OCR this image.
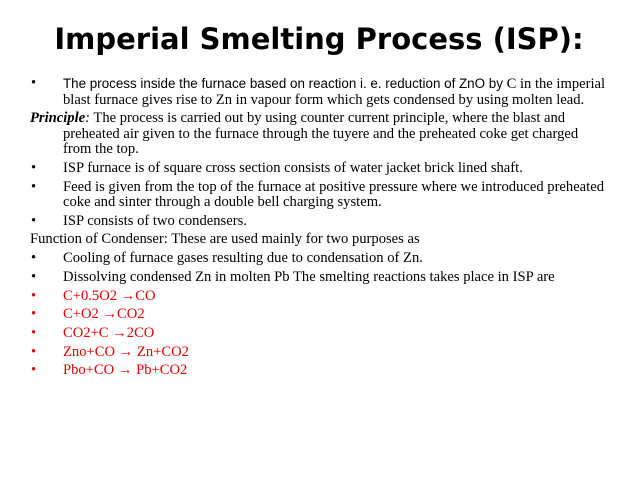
Imperial Smelting Process (ISP):
•	The process inside the furnace based on reaction i. e. reduction of ZnO by C in the imperial blast furnace gives rise to Zn in vapour form which gets condensed by using molten lead.
Principle: The process is carried out by using counter current principle, where the blast and preheated air given to the furnace through the tuyere and the preheated coke get charged from the top.
•	ISP furnace is of square cross section consists of water jacket brick lined shaft.
•	Feed is given from the top of the furnace at positive pressure where we introduced preheated coke and sinter through a double bell charging system.
•	ISP consists of two condensers.
Function of Condenser: These are used mainly for two purposes as
•	Cooling of furnace gases resulting due to condensation of Zn.
•	Dissolving condensed Zn in molten Pb The smelting reactions takes place in ISP are
•	C+0.5O2 →CO
•	C+O2 →CO2
•	CO2+C →2CO
•	Zno+CO → Zn+CO2
•	Pbo+CO → Pb+CO2
